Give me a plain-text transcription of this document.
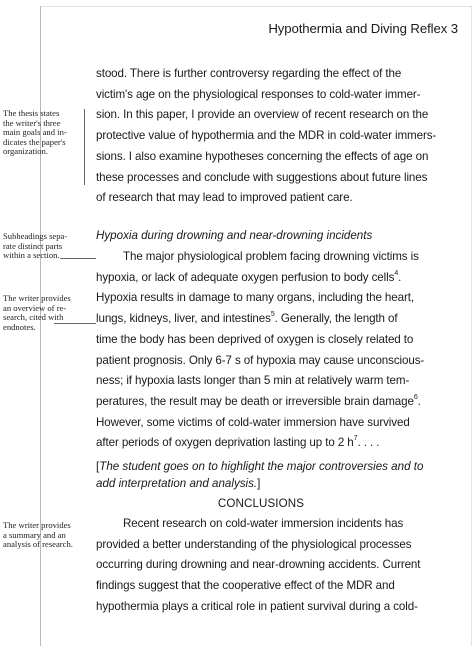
Hypothermia and Diving Reflex 3
The thesis states
the writer's three
main goals and in-
dicates the paper's
organization.
Subheadings sepa-
rate distinct parts
within a section.
The writer provides
an overview of re-
search, cited with
endnotes.
The writer provides
a summary and an
analysis of research.
stood. There is further controversy regarding the effect of the
victim's age on the physiological responses to cold-water immer-
sion. In this paper, I provide an overview of recent research on the
protective value of hypothermia and the MDR in cold-water immers-
sions. I also examine hypotheses concerning the effects of age on
these processes and conclude with suggestions about future lines
of research that may lead to improved patient care.
Hypoxia during drowning and near-drowning incidents
The major physiological problem facing drowning victims is
hypoxia, or lack of adequate oxygen perfusion to body cells$^4$.
Hypoxia results in damage to many organs, including the heart,
lungs, kidneys, liver, and intestines$^5$. Generally, the length of
time the body has been deprived of oxygen is closely related to
patient prognosis. Only 6-7 s of hypoxia may cause unconscious-
ness; if hypoxia lasts longer than 5 min at relatively warm tem-
peratures, the result may be death or irreversible brain damage$^6$.
However, some victims of cold-water immersion have survived
after periods of oxygen deprivation lasting up to 2 $h^7$. . . .
[The student goes on to highlight the major controversies and to
add interpretation and analysis.]
CONCLUSIONS
Recent research on cold-water immersion incidents has
provided a better understanding of the physiological processes
occurring during drowning and near-drowning accidents. Current
findings suggest that the cooperative effect of the MDR and
hypothermia plays a critical role in patient survival during a cold-
